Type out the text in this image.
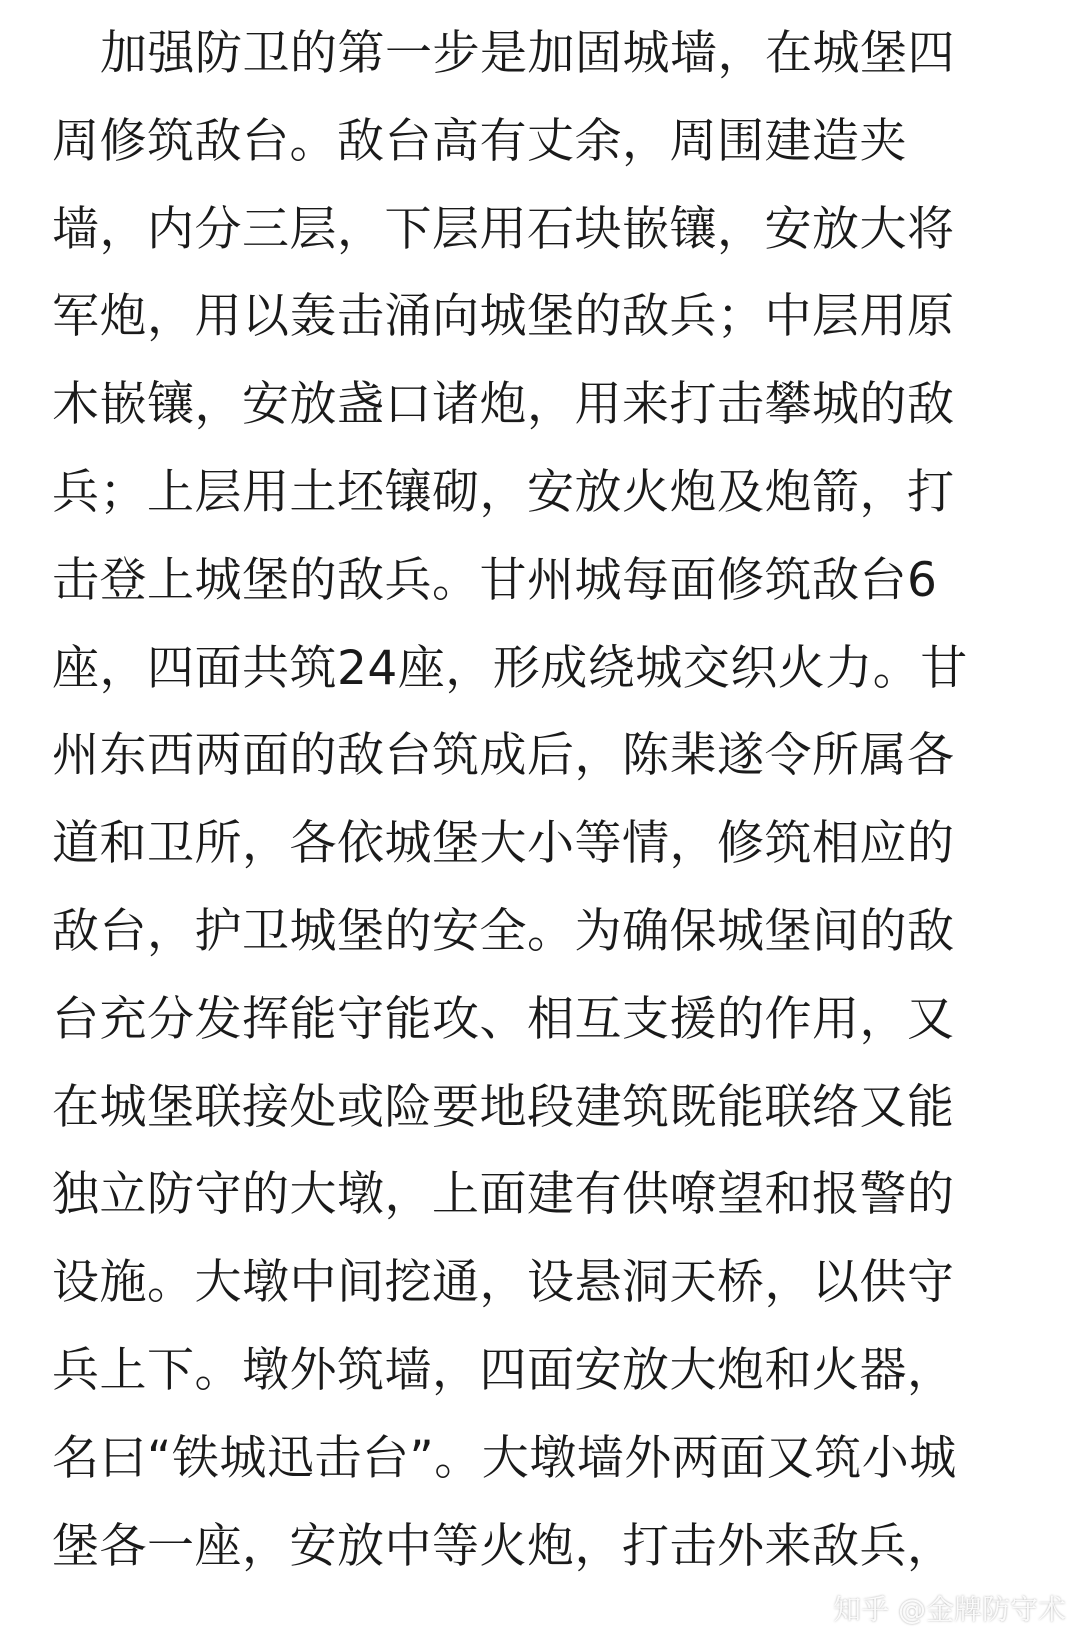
加强防卫的第一步是加固城墙，在城堡四
周修筑敌台。敌台高有丈余，周围建造夹
墙，内分三层，下层用石块嵌镶，安放大将
军炮，用以轰击涌向城堡的敌兵；中层用原
木嵌镶，安放盏口诸炮，用来打击攀城的敌
兵；上层用土坯镶砌，安放火炮及炮箭，打
击登上城堡的敌兵。甘州城每面修筑敌台6
座，四面共筑24座，形成绕城交织火力。甘
州东西两面的敌台筑成后，陈棐遂令所属各
道和卫所，各依城堡大小等情，修筑相应的
敌台，护卫城堡的安全。为确保城堡间的敌
台充分发挥能守能攻、相互支援的作用，又
在城堡联接处或险要地段建筑既能联络又能
独立防守的大墩，上面建有供嘹望和报警的
设施。大墩中间挖通，设悬洞天桥，以供守
兵上下。墩外筑墙，四面安放大炮和火器，
名曰“铁城迅击台”。大墩墙外两面又筑小城
堡各一座，安放中等火炮，打击外来敌兵，
知乎 @金牌防守术
